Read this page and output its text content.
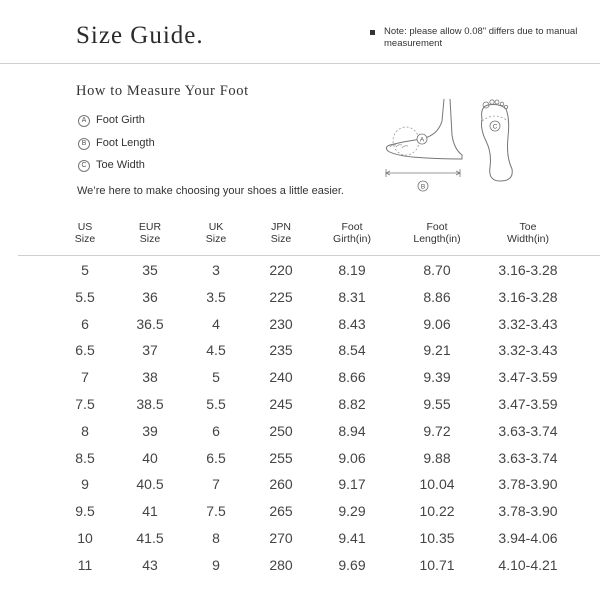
Size Guide.	Note: please allow 0.08" differs due to manual measurement
How to Measure Your Foot
A Foot Girth
B Foot Length
C Toe Width
We’re here to make choosing your shoes a little easier.
A
B
C
US
Size
EUR
Size
UK
Size
JPN
Size
Foot
Girth(in)
Foot
Length(in)
Toe
Width(in)
5	35	3	220	8.19	8.70	3.16-3.28
5.5	36	3.5	225	8.31	8.86	3.16-3.28
6	36.5	4	230	8.43	9.06	3.32-3.43
6.5	37	4.5	235	8.54	9.21	3.32-3.43
7	38	5	240	8.66	9.39	3.47-3.59
7.5	38.5	5.5	245	8.82	9.55	3.47-3.59
8	39	6	250	8.94	9.72	3.63-3.74
8.5	40	6.5	255	9.06	9.88	3.63-3.74
9	40.5	7	260	9.17	10.04	3.78-3.90
9.5	41	7.5	265	9.29	10.22	3.78-3.90
10	41.5	8	270	9.41	10.35	3.94-4.06
11	43	9	280	9.69	10.71	4.10-4.21
